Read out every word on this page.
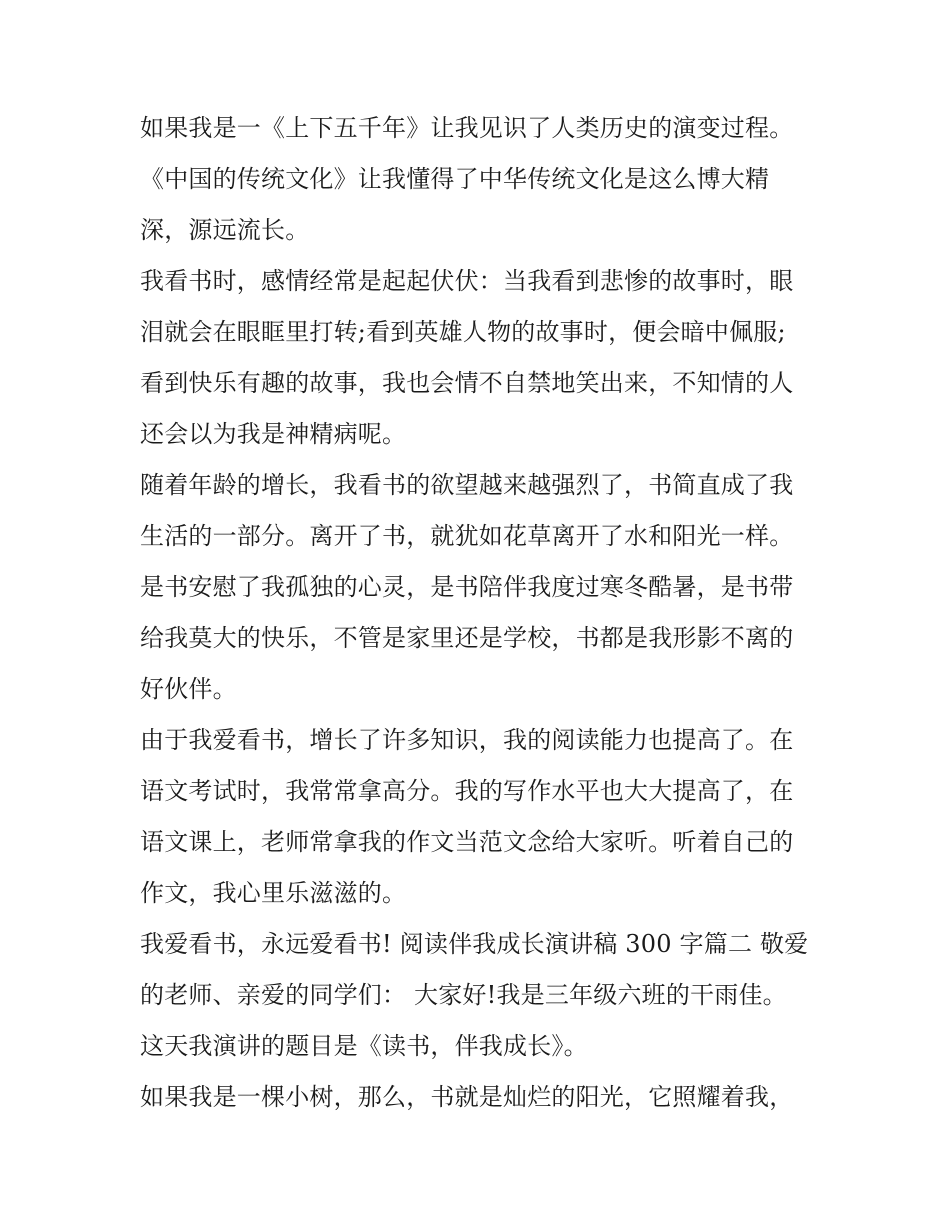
如果我是一《上下五千年》让我见识了人类历史的演变过程。
《中国的传统文化》让我懂得了中华传统文化是这么博大精
深，源远流长。
我看书时，感情经常是起起伏伏：当我看到悲惨的故事时，眼
泪就会在眼眶里打转;看到英雄人物的故事时，便会暗中佩服;
看到快乐有趣的故事，我也会情不自禁地笑出来，不知情的人
还会以为我是神精病呢。
随着年龄的增长，我看书的欲望越来越强烈了，书简直成了我
生活的一部分。离开了书，就犹如花草离开了水和阳光一样。
是书安慰了我孤独的心灵，是书陪伴我度过寒冬酷暑，是书带
给我莫大的快乐，不管是家里还是学校，书都是我形影不离的
好伙伴。
由于我爱看书，增长了许多知识，我的阅读能力也提高了。在
语文考试时，我常常拿高分。我的写作水平也大大提高了，在
语文课上，老师常拿我的作文当范文念给大家听。听着自己的
作文，我心里乐滋滋的。
我爱看书，永远爱看书! 阅读伴我成长演讲稿 300 字篇二 敬爱
的老师、亲爱的同学们： 大家好!我是三年级六班的干雨佳。
这天我演讲的题目是《读书，伴我成长》。
如果我是一棵小树，那么，书就是灿烂的阳光，它照耀着我，
